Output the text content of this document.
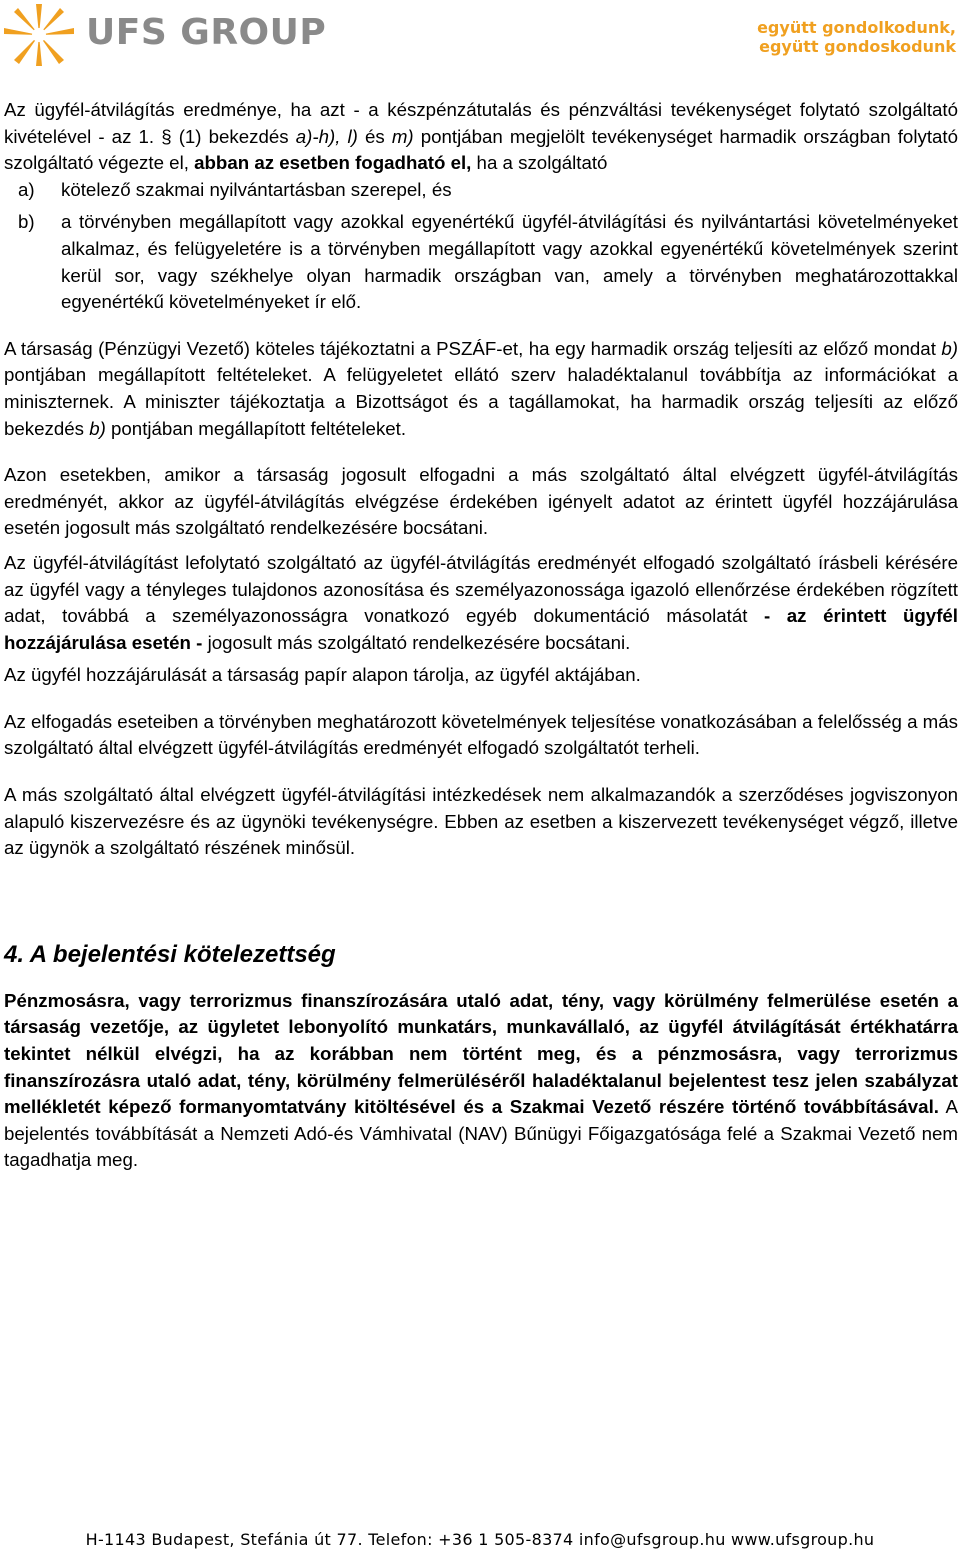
UFS GROUP	együtt gondolkodunk,
együtt gondoskodunk

Az ügyfél-átvilágítás eredménye, ha azt - a készpénzátutalás és pénzváltási tevékenységet folytató szolgáltató kivételével - az 1. § (1) bekezdés a)-h), l) és m) pontjában megjelölt tevékenységet harmadik országban folytató szolgáltató végezte el, abban az esetben fogadható el, ha a szolgáltató

a) kötelező szakmai nyilvántartásban szerepel, és

b) a törvényben megállapított vagy azokkal egyenértékű ügyfél-átvilágítási és nyilvántartási követelményeket alkalmaz, és felügyeletére is a törvényben megállapított vagy azokkal egyenértékű követelmények szerint kerül sor, vagy székhelye olyan harmadik országban van, amely a törvényben meghatározottakkal egyenértékű követelményeket ír elő.

A társaság (Pénzügyi Vezető) köteles tájékoztatni a PSZÁF-et, ha egy harmadik ország teljesíti az előző mondat b) pontjában megállapított feltételeket. A felügyeletet ellátó szerv haladéktalanul továbbítja az információkat a miniszternek. A miniszter tájékoztatja a Bizottságot és a tagállamokat, ha harmadik ország teljesíti az előző bekezdés b) pontjában megállapított feltételeket.

Azon esetekben, amikor a társaság jogosult elfogadni a más szolgáltató által elvégzett ügyfél-átvilágítás eredményét, akkor az ügyfél-átvilágítás elvégzése érdekében igényelt adatot az érintett ügyfél hozzájárulása esetén jogosult más szolgáltató rendelkezésére bocsátani.

Az ügyfél-átvilágítást lefolytató szolgáltató az ügyfél-átvilágítás eredményét elfogadó szolgáltató írásbeli kérésére az ügyfél vagy a tényleges tulajdonos azonosítása és személyazonossága igazoló ellenőrzése érdekében rögzített adat, továbbá a személyazonosságra vonatkozó egyéb dokumentáció másolatát - az érintett ügyfél hozzájárulása esetén - jogosult más szolgáltató rendelkezésére bocsátani.

Az ügyfél hozzájárulását a társaság papír alapon tárolja, az ügyfél aktájában.

Az elfogadás eseteiben a törvényben meghatározott követelmények teljesítése vonatkozásában a felelősség a más szolgáltató által elvégzett ügyfél-átvilágítás eredményét elfogadó szolgáltatót terheli.

A más szolgáltató által elvégzett ügyfél-átvilágítási intézkedések nem alkalmazandók a szerződéses jogviszonyon alapuló kiszervezésre és az ügynöki tevékenységre. Ebben az esetben a kiszervezett tevékenységet végző, illetve az ügynök a szolgáltató részének minősül.

4. A bejelentési kötelezettség

Pénzmosásra, vagy terrorizmus finanszírozására utaló adat, tény, vagy körülmény felmerülése esetén a társaság vezetője, az ügyletet lebonyolító munkatárs, munkavállaló, az ügyfél átvilágítását értékhatárra tekintet nélkül elvégzi, ha az korábban nem történt meg, és a pénzmosásra, vagy terrorizmus finanszírozásra utaló adat, tény, körülmény felmerüléséről haladéktalanul bejelentest tesz jelen szabályzat mellékletét képező formanyomtatvány kitöltésével és a Szakmai Vezető részére történő továbbításával. A bejelentés továbbítását a Nemzeti Adó-és Vámhivatal (NAV) Bűnügyi Főigazgatósága felé a Szakmai Vezető nem tagadhatja meg.

H-1143 Budapest, Stefánia út 77. Telefon: +36 1 505-8374 info@ufsgroup.hu www.ufsgroup.hu
